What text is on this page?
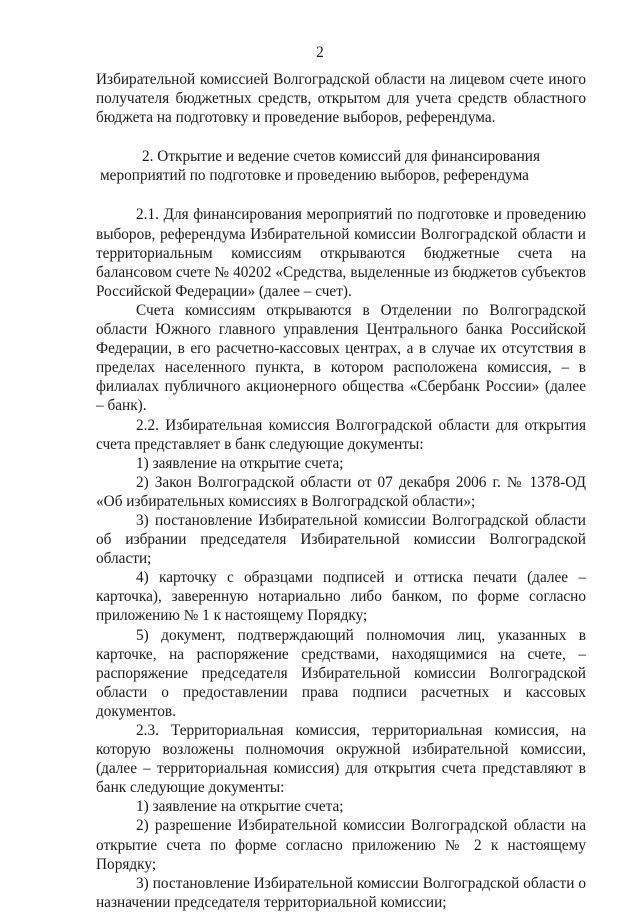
2

Избирательной комиссией Волгоградской области на лицевом счете иного получателя бюджетных средств, открытом для учета средств областного бюджета на подготовку и проведение выборов, референдума.

2. Открытие и ведение счетов комиссий для финансирования мероприятий по подготовке и проведению выборов, референдума

2.1. Для финансирования мероприятий по подготовке и проведению выборов, референдума Избирательной комиссии Волгоградской области и территориальным комиссиям открываются бюджетные счета на балансовом счете № 40202 «Средства, выделенные из бюджетов субъектов Российской Федерации» (далее – счет).

Счета комиссиям открываются в Отделении по Волгоградской области Южного главного управления Центрального банка Российской Федерации, в его расчетно-кассовых центрах, а в случае их отсутствия в пределах населенного пункта, в котором расположена комиссия, – в филиалах публичного акционерного общества «Сбербанк России» (далее – банк).

2.2. Избирательная комиссия Волгоградской области для открытия счета представляет в банк следующие документы:

1) заявление на открытие счета;

2) Закон Волгоградской области от 07 декабря 2006 г. № 1378-ОД «Об избирательных комиссиях в Волгоградской области»;

3) постановление Избирательной комиссии Волгоградской области об избрании председателя Избирательной комиссии Волгоградской области;

4) карточку с образцами подписей и оттиска печати (далее – карточка), заверенную нотариально либо банком, по форме согласно приложению № 1 к настоящему Порядку;

5) документ, подтверждающий полномочия лиц, указанных в карточке, на распоряжение средствами, находящимися на счете, – распоряжение председателя Избирательной комиссии Волгоградской области о предоставлении права подписи расчетных и кассовых документов.

2.3. Территориальная комиссия, территориальная комиссия, на которую возложены полномочия окружной избирательной комиссии, (далее – территориальная комиссия) для открытия счета представляют в банк следующие документы:

1) заявление на открытие счета;

2) разрешение Избирательной комиссии Волгоградской области на открытие счета по форме согласно приложению № 2 к настоящему Порядку;

3) постановление Избирательной комиссии Волгоградской области о назначении председателя территориальной комиссии;
